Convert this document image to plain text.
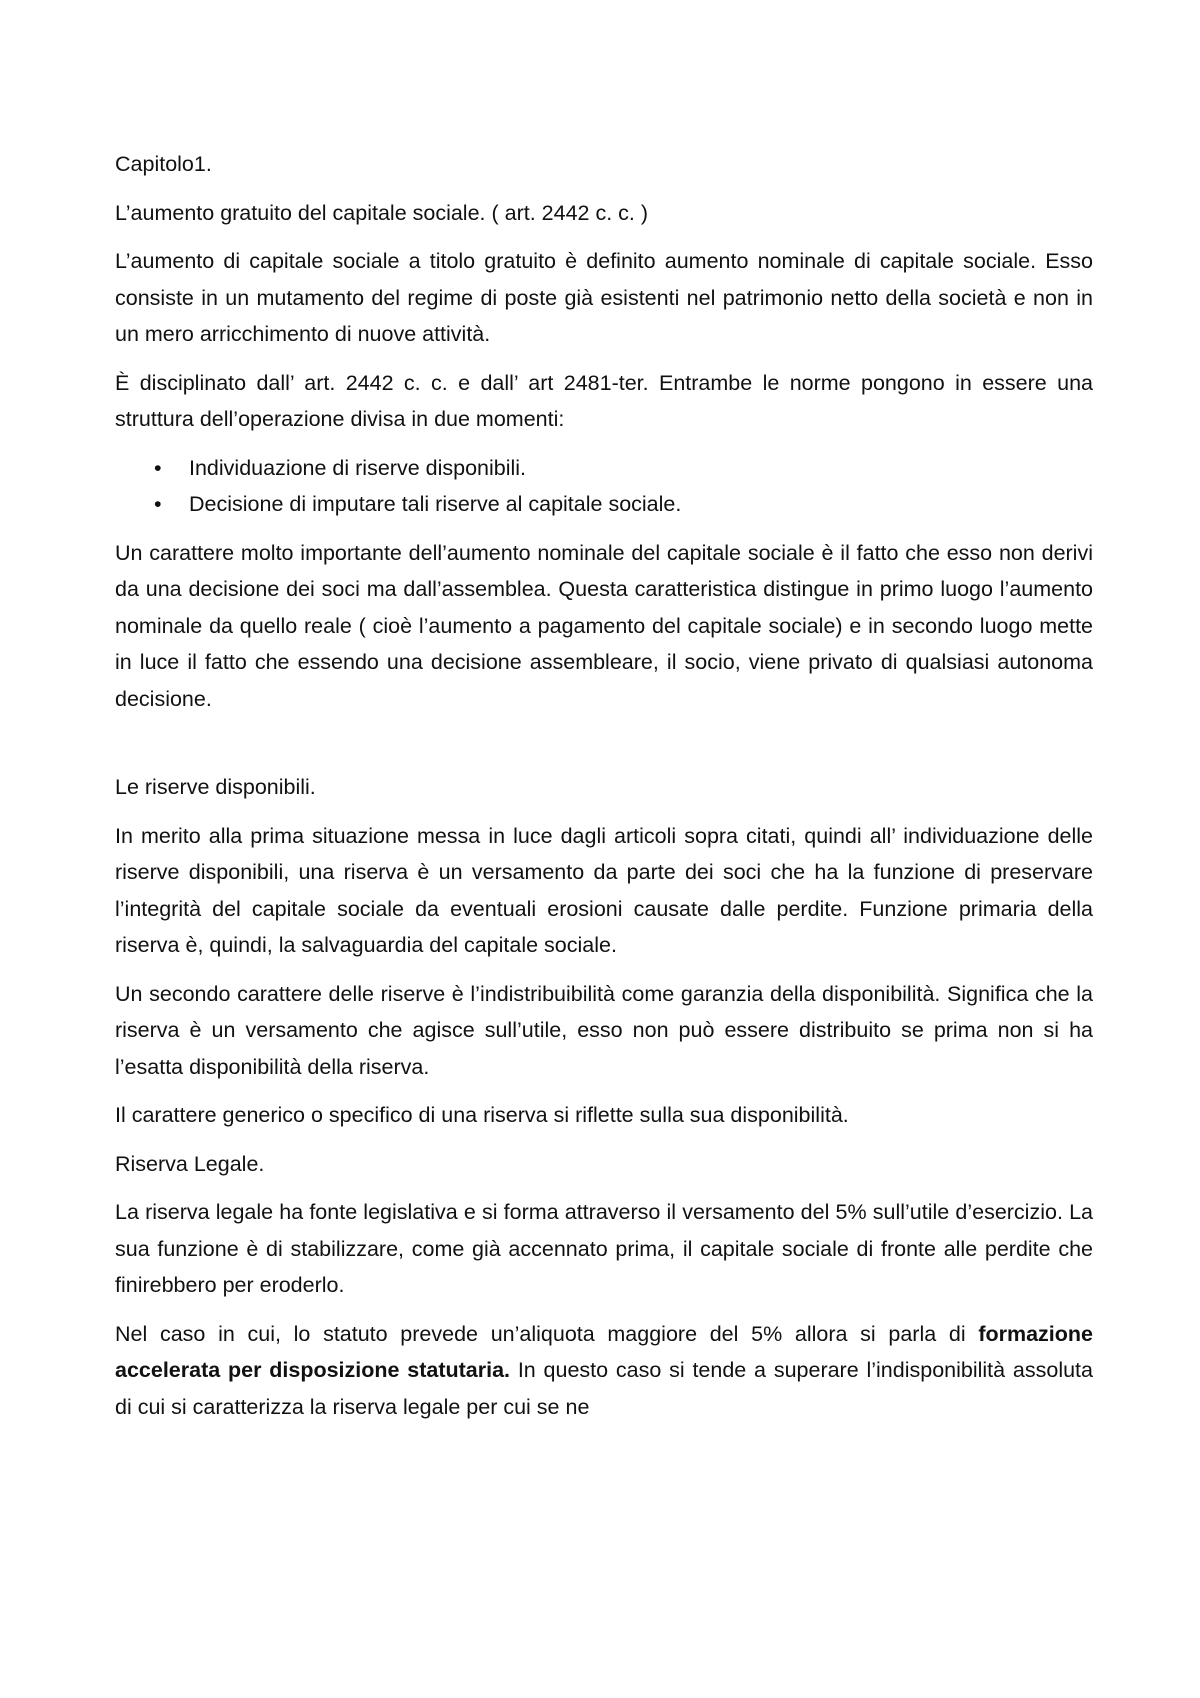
Capitolo1.

L’aumento gratuito del capitale sociale. ( art. 2442 c. c. )

L’aumento di capitale sociale a titolo gratuito è definito aumento nominale di capitale sociale. Esso consiste in un mutamento del regime di poste già esistenti nel patrimonio netto della società e non in un mero arricchimento di nuove attività.

È disciplinato dall’ art. 2442 c. c. e dall’ art 2481-ter. Entrambe le norme pongono in essere una struttura dell’operazione divisa in due momenti:

• Individuazione di riserve disponibili.
• Decisione di imputare tali riserve al capitale sociale.

Un carattere molto importante dell’aumento nominale del capitale sociale è il fatto che esso non derivi da una decisione dei soci ma dall’assemblea. Questa caratteristica distingue in primo luogo l’aumento nominale da quello reale ( cioè l’aumento a pagamento del capitale sociale) e in secondo luogo mette in luce il fatto che essendo una decisione assembleare, il socio, viene privato di qualsiasi autonoma decisione.

Le riserve disponibili.

In merito alla prima situazione messa in luce dagli articoli sopra citati, quindi all’ individuazione delle riserve disponibili, una riserva è un versamento da parte dei soci che ha la funzione di preservare l’integrità del capitale sociale da eventuali erosioni causate dalle perdite. Funzione primaria della riserva è, quindi, la salvaguardia del capitale sociale.

Un secondo carattere delle riserve è l’indistribuibilità come garanzia della disponibilità. Significa che la riserva è un versamento che agisce sull’utile, esso non può essere distribuito se prima non si ha l’esatta disponibilità della riserva.

Il carattere generico o specifico di una riserva si riflette sulla sua disponibilità.

Riserva Legale.

La riserva legale ha fonte legislativa e si forma attraverso il versamento del 5% sull’utile d’esercizio. La sua funzione è di stabilizzare, come già accennato prima, il capitale sociale di fronte alle perdite che finirebbero per eroderlo.

Nel caso in cui, lo statuto prevede un’aliquota maggiore del 5% allora si parla di formazione accelerata per disposizione statutaria. In questo caso si tende a superare l’indisponibilità assoluta di cui si caratterizza la riserva legale per cui se ne
